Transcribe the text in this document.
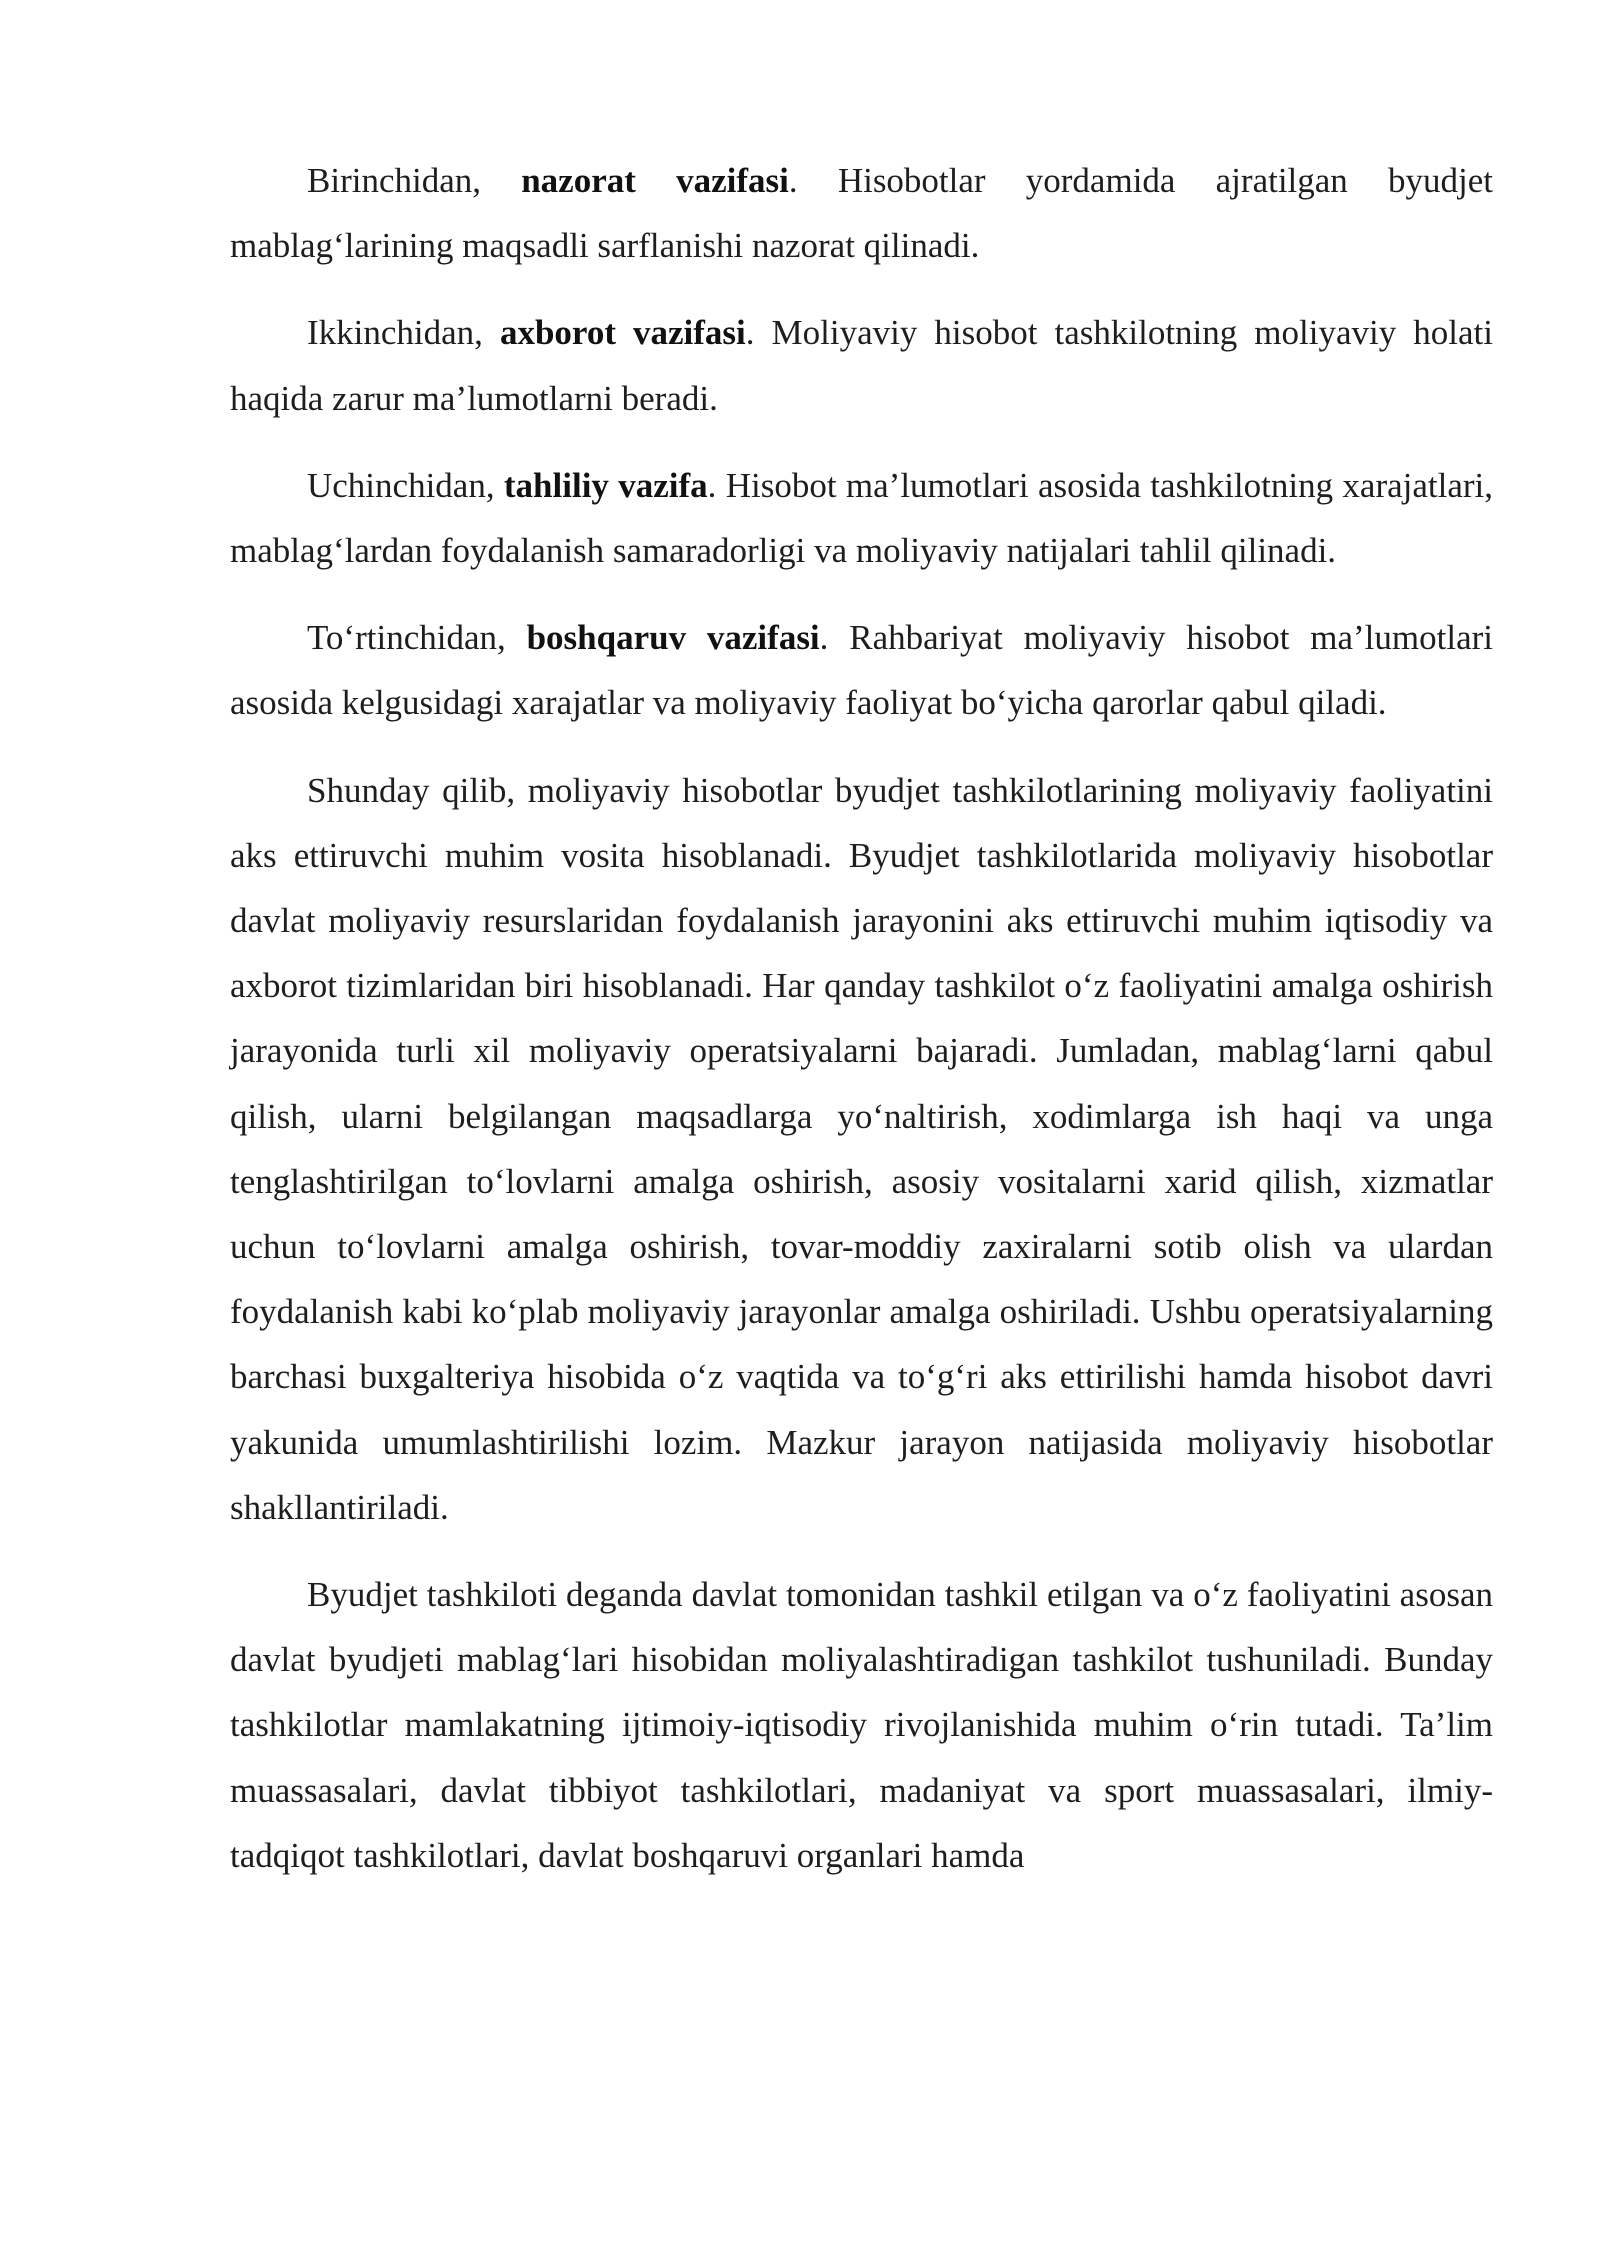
Birinchidan, nazorat vazifasi. Hisobotlar yordamida ajratilgan byudjet mablag‘larining maqsadli sarflanishi nazorat qilinadi.

Ikkinchidan, axborot vazifasi. Moliyaviy hisobot tashkilotning moliyaviy holati haqida zarur ma’lumotlarni beradi.

Uchinchidan, tahliliy vazifa. Hisobot ma’lumotlari asosida tashkilotning xarajatlari, mablag‘lardan foydalanish samaradorligi va moliyaviy natijalari tahlil qilinadi.

To‘rtinchidan, boshqaruv vazifasi. Rahbariyat moliyaviy hisobot ma’lumotlari asosida kelgusidagi xarajatlar va moliyaviy faoliyat bo‘yicha qarorlar qabul qiladi.

Shunday qilib, moliyaviy hisobotlar byudjet tashkilotlarining moliyaviy faoliyatini aks ettiruvchi muhim vosita hisoblanadi. Byudjet tashkilotlarida moliyaviy hisobotlar davlat moliyaviy resurslaridan foydalanish jarayonini aks ettiruvchi muhim iqtisodiy va axborot tizimlaridan biri hisoblanadi. Har qanday tashkilot o‘z faoliyatini amalga oshirish jarayonida turli xil moliyaviy operatsiyalarni bajaradi. Jumladan, mablag‘larni qabul qilish, ularni belgilangan maqsadlarga yo‘naltirish, xodimlarga ish haqi va unga tenglashtirilgan to‘lovlarni amalga oshirish, asosiy vositalarni xarid qilish, xizmatlar uchun to‘lovlarni amalga oshirish, tovar-moddiy zaxiralarni sotib olish va ulardan foydalanish kabi ko‘plab moliyaviy jarayonlar amalga oshiriladi. Ushbu operatsiyalarning barchasi buxgalteriya hisobida o‘z vaqtida va to‘g‘ri aks ettirilishi hamda hisobot davri yakunida umumlashtirilishi lozim. Mazkur jarayon natijasida moliyaviy hisobotlar shakllantiriladi.

Byudjet tashkiloti deganda davlat tomonidan tashkil etilgan va o‘z faoliyatini asosan davlat byudjeti mablag‘lari hisobidan moliyalashtiradigan tashkilot tushuniladi. Bunday tashkilotlar mamlakatning ijtimoiy-iqtisodiy rivojlanishida muhim o‘rin tutadi. Ta’lim muassasalari, davlat tibbiyot tashkilotlari, madaniyat va sport muassasalari, ilmiy-tadqiqot tashkilotlari, davlat boshqaruvi organlari hamda
